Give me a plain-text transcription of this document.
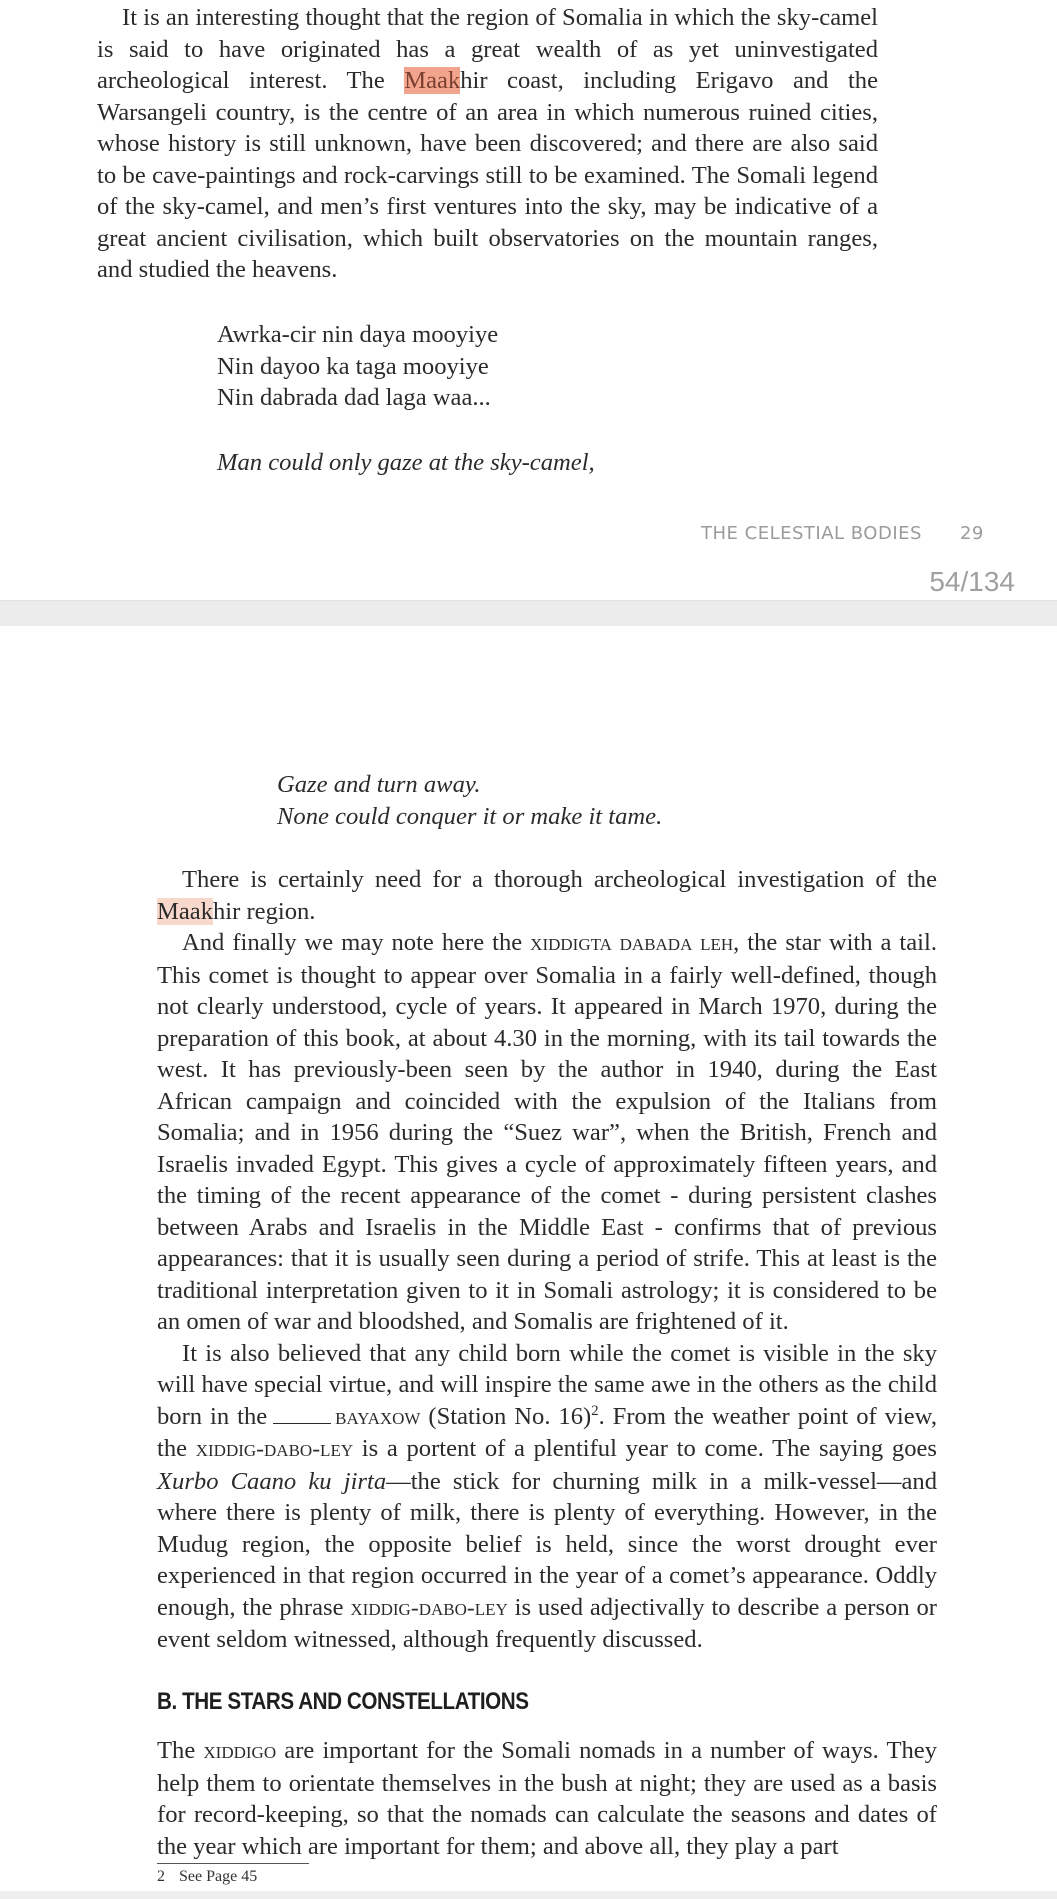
It is an interesting thought that the region of Somalia in which the sky-camel is said to have originated has a great wealth of as yet uninvestigated archeological interest. The Maakhir coast, including Erigavo and the Warsangeli country, is the centre of an area in which numerous ruined cities, whose history is still unknown, have been discovered; and there are also said to be cave-paintings and rock-carvings still to be examined. The Somali legend of the sky-camel, and men’s first ventures into the sky, may be indicative of a great ancient civilisation, which built observatories on the mountain ranges, and studied the heavens.

Awrka-cir nin daya mooyiye
Nin dayoo ka taga mooyiye
Nin dabrada dad laga waa...
Man could only gaze at the sky-camel,
THE CELESTIAL BODIES 29
54/134
Gaze and turn away.
None could conquer it or make it tame.

There is certainly need for a thorough archeological investigation of the Maakhir region.

And finally we may note here the xiddigta dabada leh, the star with a tail. This comet is thought to appear over Somalia in a fairly well-defined, though not clearly understood, cycle of years. It appeared in March 1970, during the preparation of this book, at about 4.30 in the morning, with its tail towards the west. It has previously-been seen by the author in 1940, during the East African campaign and coincided with the expulsion of the Italians from Somalia; and in 1956 during the “Suez war”, when the British, French and Israelis invaded Egypt. This gives a cycle of approximately fifteen years, and the timing of the recent appearance of the comet - during persistent clashes between Arabs and Israelis in the Middle East - confirms that of previous appearances: that it is usually seen during a period of strife. This at least is the traditional interpretation given to it in Somali astrology; it is considered to be an omen of war and bloodshed, and Somalis are frightened of it.

It is also believed that any child born while the comet is visible in the sky will have special virtue, and will inspire the same awe in the others as the child born in the	bayaxow (Station No. 16)$^2$. From the weather point of view, the xiddig-dabo-ley is a portent of a plentiful year to come. The saying goes Xurbo Caano ku jirta—the stick for churning milk in a milk-vessel—and where there is plenty of milk, there is plenty of everything. However, in the Mudug region, the opposite belief is held, since the worst drought ever experienced in that region occurred in the year of a comet’s appearance. Oddly enough, the phrase xiddig-dabo-ley is used adjectivally to describe a person or event seldom witnessed, although frequently discussed.

B. THE STARS AND CONSTELLATIONS

The xiddigo are important for the Somali nomads in a number of ways. They help them to orientate themselves in the bush at night; they are used as a basis for record-keeping, so that the nomads can calculate the seasons and dates of the year which are important for them; and above all, they play a part

2 See Page 45
